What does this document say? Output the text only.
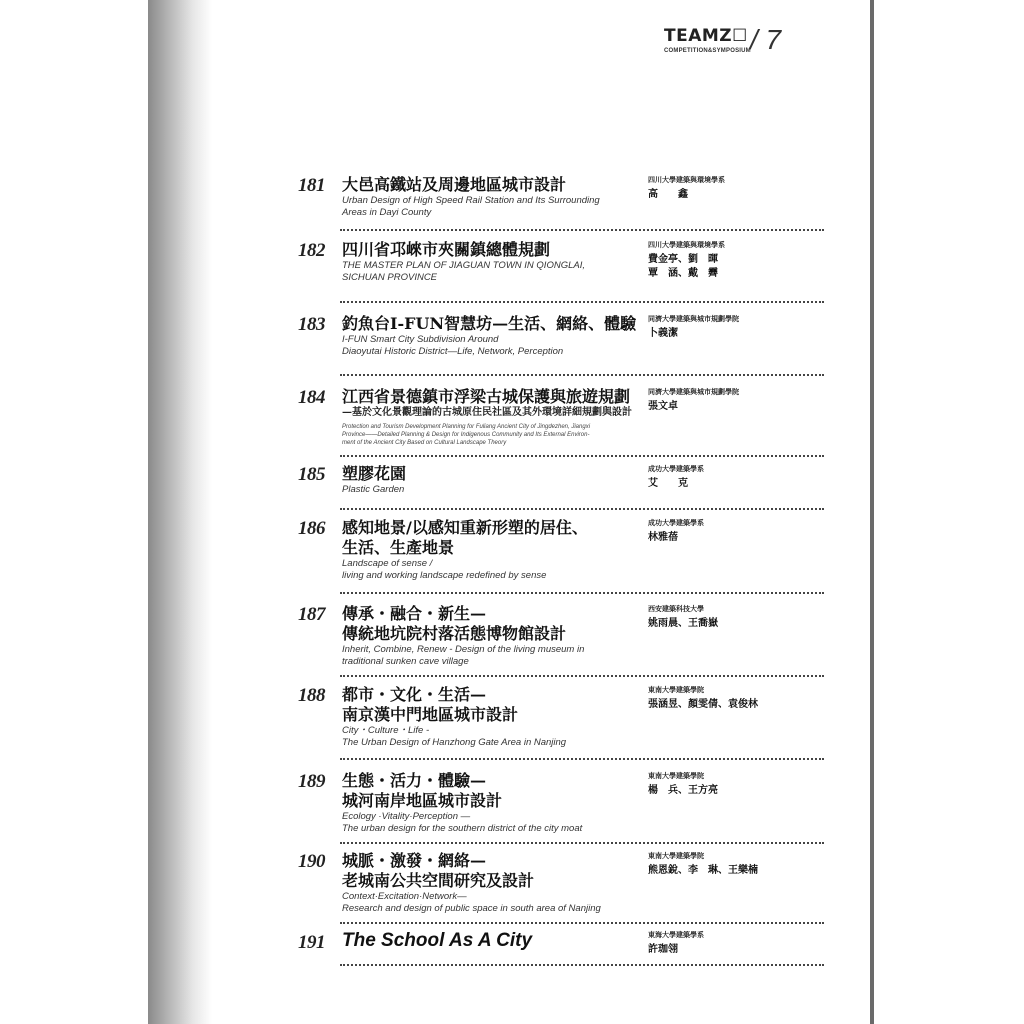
TEAMZ☐
COMPETITION&SYMPOSIUM / 7
181	大邑高鐵站及周邊地區城市設計
Urban Design of High Speed Rail Station and Its Surrounding
Areas in Dayi County
四川大學建築與環境學系
高　　鑫
182	四川省邛崍市夾關鎮總體規劃
THE MASTER PLAN OF JIAGUAN TOWN IN QIONGLAI,
SICHUAN PROVINCE
四川大學建築與環境學系
費金亭、劉　暉
覃　涵、戴　霽
183	釣魚台I-FUN智慧坊—生活、網絡、體驗
I-FUN Smart City Subdivision Around
Diaoyutai Historic District—Life, Network, Perception
同濟大學建築與城市規劃學院
卜義潔
184	江西省景德鎮市浮梁古城保護與旅遊規劃
—基於文化景觀理論的古城原住民社區及其外環境詳細規劃與設計
Protection and Tourism Development Planning for Fuliang Ancient City of Jingdezhen, Jiangxi
Province——Detailed Planning & Design for Indigenous Community and Its External Environ-
ment of the Ancient City Based on Cultural Landscape Theory
同濟大學建築與城市規劃學院
張文卓
185	塑膠花園
Plastic Garden
成功大學建築學系
艾　　克
186	感知地景/以感知重新形塑的居住、
生活、生產地景
Landscape of sense /
living and working landscape redefined by sense
成功大學建築學系
林雅蓓
187	傳承・融合・新生—
傳統地坑院村落活態博物館設計
Inherit, Combine, Renew - Design of the living museum in
traditional sunken cave village
西安建築科技大學
姚雨晨、王喬嶽
188	都市・文化・生活—
南京漢中門地區城市設計
City・Culture・Life -
The Urban Design of Hanzhong Gate Area in Nanjing
東南大學建築學院
張涵昱、顏雯倩、袁俊林
189	生態・活力・體驗—
城河南岸地區城市設計
Ecology ·Vitality·Perception —
The urban design for the southern district of the city moat
東南大學建築學院
楊　兵、王方亮
190	城脈・激發・網絡—
老城南公共空間研究及設計
Context·Excitation·Network—
Research and design of public space in south area of Nanjing
東南大學建築學院
熊恩銳、李　琳、王樂楠
191 The School As A City	東海大學建築學系
許珈翎
